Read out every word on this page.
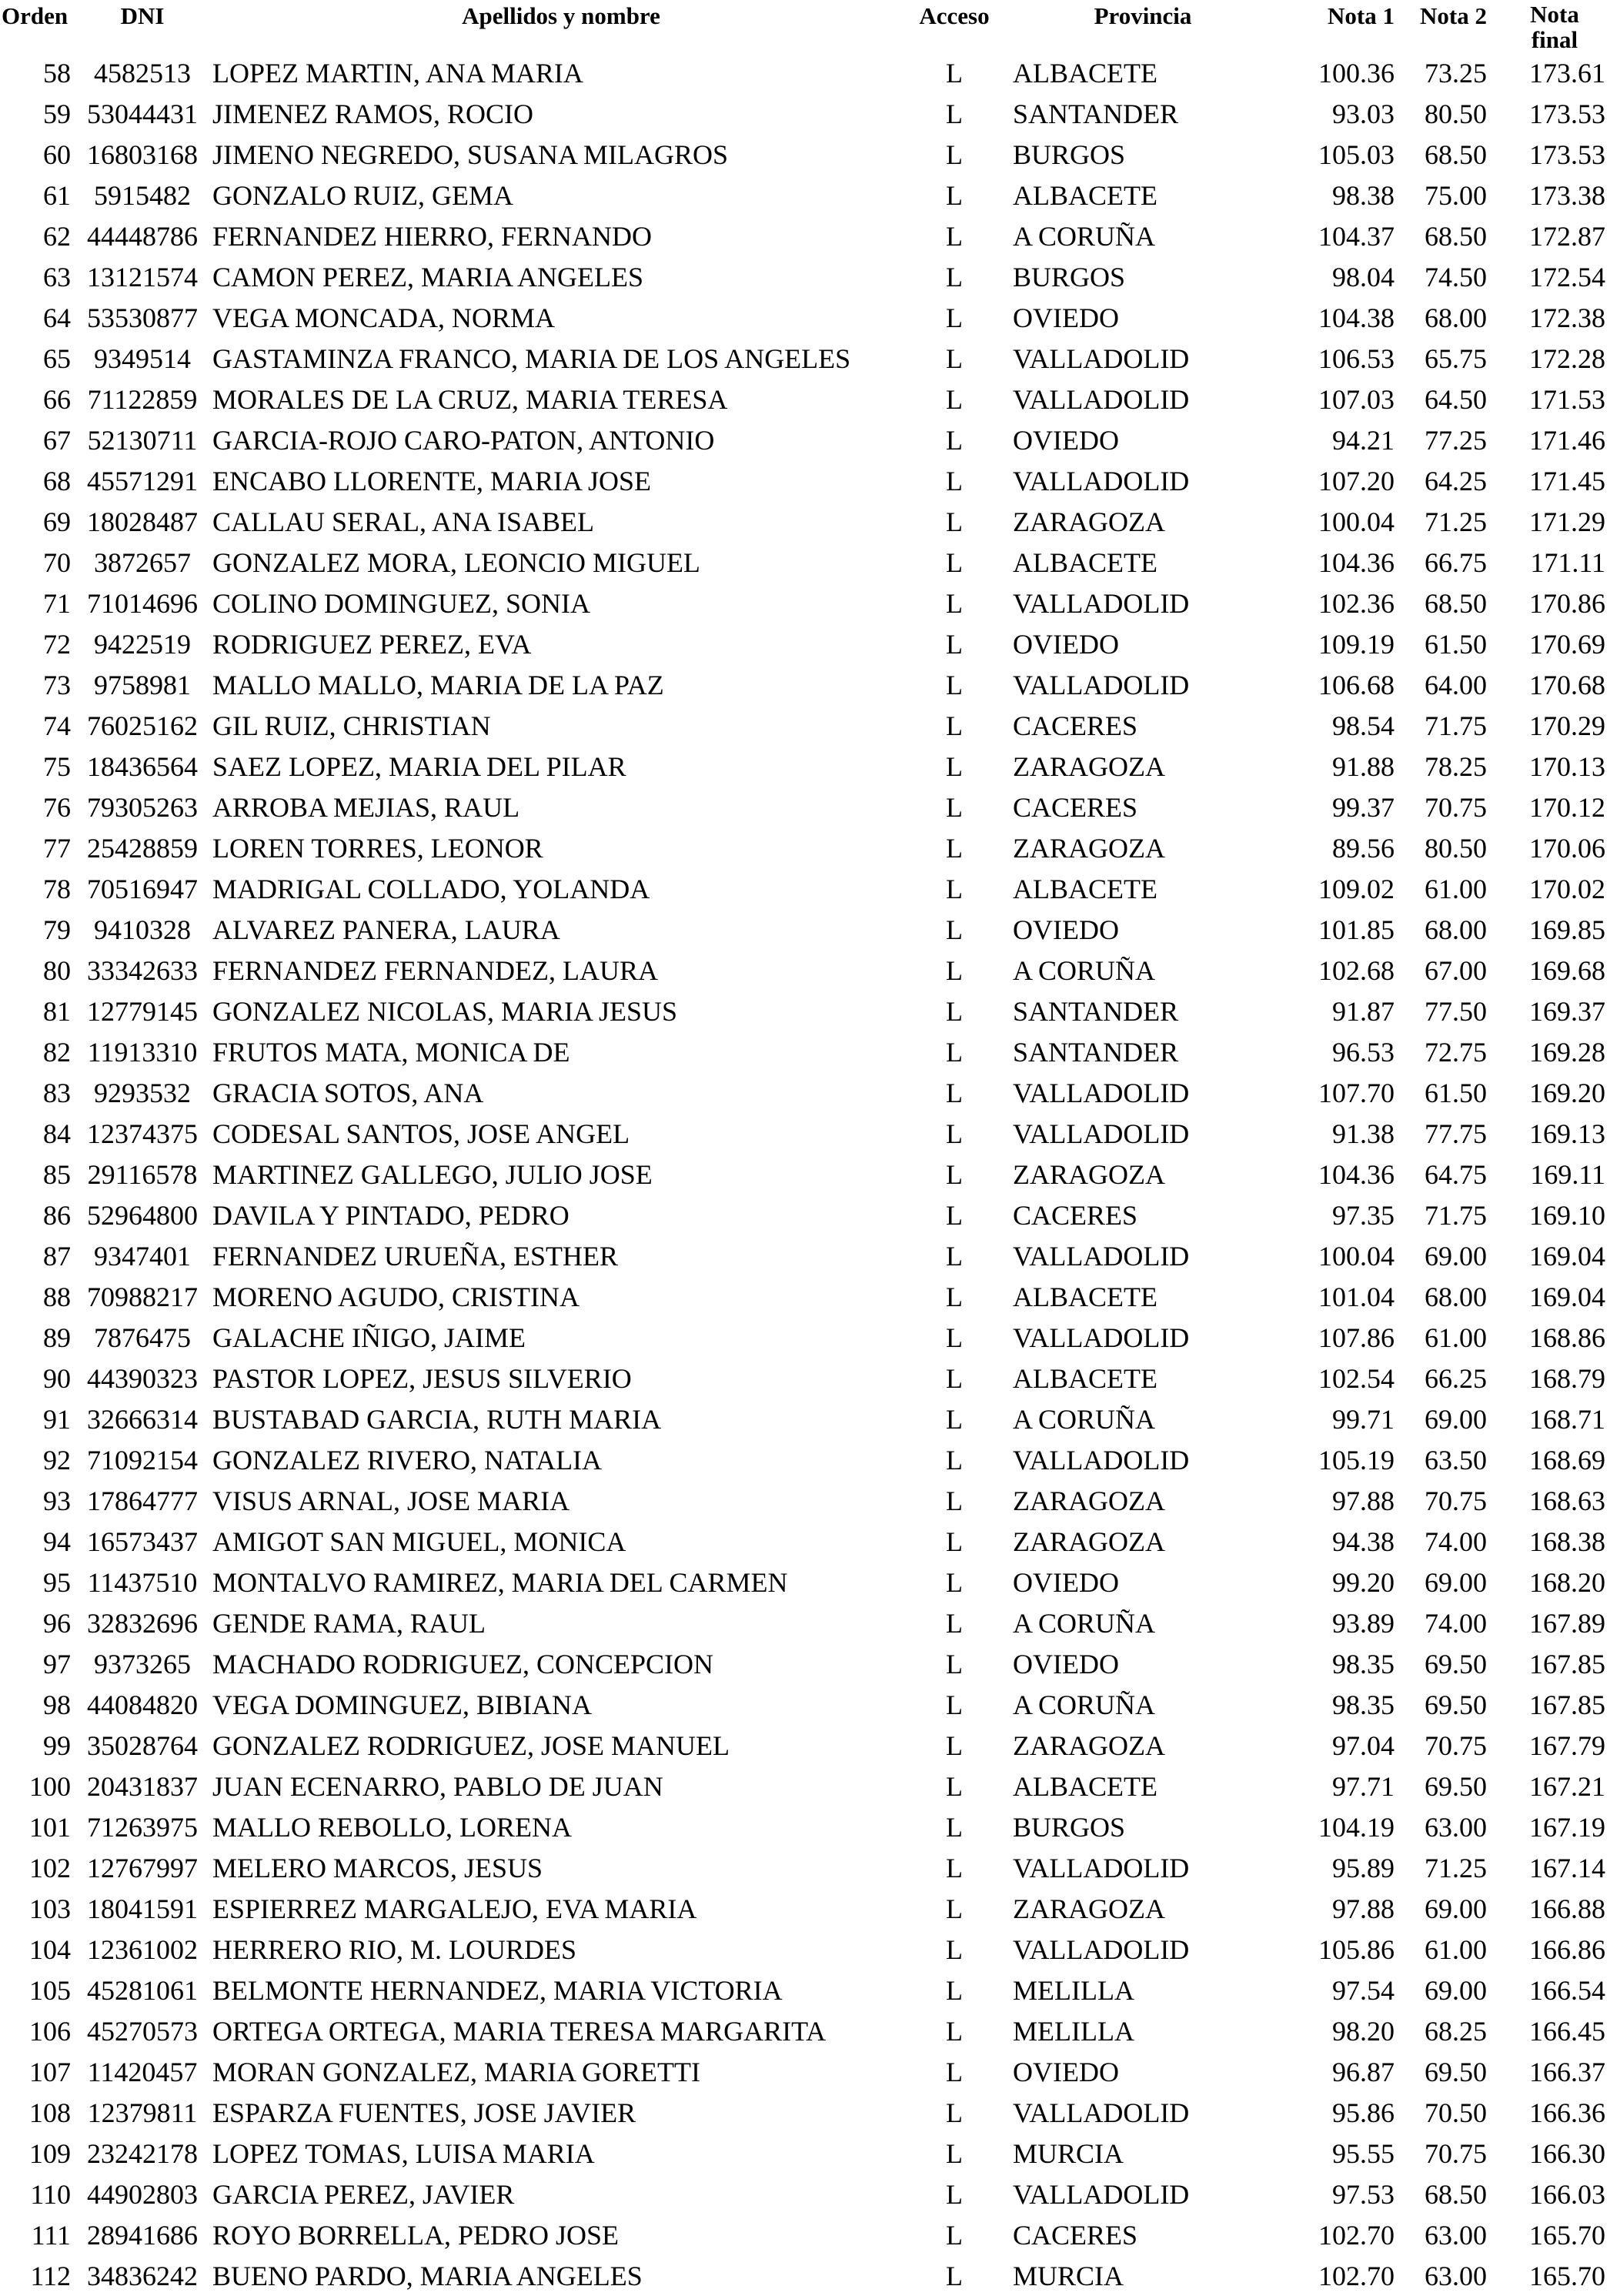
Orden	DNI	Apellidos y nombre	Acceso	Provincia	Nota 1	Nota 2	Nota final
58	4582513	LOPEZ MARTIN, ANA MARIA	L	ALBACETE	100.36	73.25	173.61
59	53044431	JIMENEZ RAMOS, ROCIO	L	SANTANDER	93.03	80.50	173.53
60	16803168	JIMENO NEGREDO, SUSANA MILAGROS	L	BURGOS	105.03	68.50	173.53
61	5915482	GONZALO RUIZ, GEMA	L	ALBACETE	98.38	75.00	173.38
62	44448786	FERNANDEZ HIERRO, FERNANDO	L	A CORUÑA	104.37	68.50	172.87
63	13121574	CAMON PEREZ, MARIA ANGELES	L	BURGOS	98.04	74.50	172.54
64	53530877	VEGA MONCADA, NORMA	L	OVIEDO	104.38	68.00	172.38
65	9349514	GASTAMINZA FRANCO, MARIA DE LOS ANGELES	L	VALLADOLID	106.53	65.75	172.28
66	71122859	MORALES DE LA CRUZ, MARIA TERESA	L	VALLADOLID	107.03	64.50	171.53
67	52130711	GARCIA-ROJO CARO-PATON, ANTONIO	L	OVIEDO	94.21	77.25	171.46
68	45571291	ENCABO LLORENTE, MARIA JOSE	L	VALLADOLID	107.20	64.25	171.45
69	18028487	CALLAU SERAL, ANA ISABEL	L	ZARAGOZA	100.04	71.25	171.29
70	3872657	GONZALEZ MORA, LEONCIO MIGUEL	L	ALBACETE	104.36	66.75	171.11
71	71014696	COLINO DOMINGUEZ, SONIA	L	VALLADOLID	102.36	68.50	170.86
72	9422519	RODRIGUEZ PEREZ, EVA	L	OVIEDO	109.19	61.50	170.69
73	9758981	MALLO MALLO, MARIA DE LA PAZ	L	VALLADOLID	106.68	64.00	170.68
74	76025162	GIL RUIZ, CHRISTIAN	L	CACERES	98.54	71.75	170.29
75	18436564	SAEZ LOPEZ, MARIA DEL PILAR	L	ZARAGOZA	91.88	78.25	170.13
76	79305263	ARROBA MEJIAS, RAUL	L	CACERES	99.37	70.75	170.12
77	25428859	LOREN TORRES, LEONOR	L	ZARAGOZA	89.56	80.50	170.06
78	70516947	MADRIGAL COLLADO, YOLANDA	L	ALBACETE	109.02	61.00	170.02
79	9410328	ALVAREZ PANERA, LAURA	L	OVIEDO	101.85	68.00	169.85
80	33342633	FERNANDEZ FERNANDEZ, LAURA	L	A CORUÑA	102.68	67.00	169.68
81	12779145	GONZALEZ NICOLAS, MARIA JESUS	L	SANTANDER	91.87	77.50	169.37
82	11913310	FRUTOS MATA, MONICA DE	L	SANTANDER	96.53	72.75	169.28
83	9293532	GRACIA SOTOS, ANA	L	VALLADOLID	107.70	61.50	169.20
84	12374375	CODESAL SANTOS, JOSE ANGEL	L	VALLADOLID	91.38	77.75	169.13
85	29116578	MARTINEZ GALLEGO, JULIO JOSE	L	ZARAGOZA	104.36	64.75	169.11
86	52964800	DAVILA Y PINTADO, PEDRO	L	CACERES	97.35	71.75	169.10
87	9347401	FERNANDEZ URUEÑA, ESTHER	L	VALLADOLID	100.04	69.00	169.04
88	70988217	MORENO AGUDO, CRISTINA	L	ALBACETE	101.04	68.00	169.04
89	7876475	GALACHE IÑIGO, JAIME	L	VALLADOLID	107.86	61.00	168.86
90	44390323	PASTOR LOPEZ, JESUS SILVERIO	L	ALBACETE	102.54	66.25	168.79
91	32666314	BUSTABAD GARCIA, RUTH MARIA	L	A CORUÑA	99.71	69.00	168.71
92	71092154	GONZALEZ RIVERO, NATALIA	L	VALLADOLID	105.19	63.50	168.69
93	17864777	VISUS ARNAL, JOSE MARIA	L	ZARAGOZA	97.88	70.75	168.63
94	16573437	AMIGOT SAN MIGUEL, MONICA	L	ZARAGOZA	94.38	74.00	168.38
95	11437510	MONTALVO RAMIREZ, MARIA DEL CARMEN	L	OVIEDO	99.20	69.00	168.20
96	32832696	GENDE RAMA, RAUL	L	A CORUÑA	93.89	74.00	167.89
97	9373265	MACHADO RODRIGUEZ, CONCEPCION	L	OVIEDO	98.35	69.50	167.85
98	44084820	VEGA DOMINGUEZ, BIBIANA	L	A CORUÑA	98.35	69.50	167.85
99	35028764	GONZALEZ RODRIGUEZ, JOSE MANUEL	L	ZARAGOZA	97.04	70.75	167.79
100	20431837	JUAN ECENARRO, PABLO DE JUAN	L	ALBACETE	97.71	69.50	167.21
101	71263975	MALLO REBOLLO, LORENA	L	BURGOS	104.19	63.00	167.19
102	12767997	MELERO MARCOS, JESUS	L	VALLADOLID	95.89	71.25	167.14
103	18041591	ESPIERREZ MARGALEJO, EVA MARIA	L	ZARAGOZA	97.88	69.00	166.88
104	12361002	HERRERO RIO, M. LOURDES	L	VALLADOLID	105.86	61.00	166.86
105	45281061	BELMONTE HERNANDEZ, MARIA VICTORIA	L	MELILLA	97.54	69.00	166.54
106	45270573	ORTEGA ORTEGA, MARIA TERESA MARGARITA	L	MELILLA	98.20	68.25	166.45
107	11420457	MORAN GONZALEZ, MARIA GORETTI	L	OVIEDO	96.87	69.50	166.37
108	12379811	ESPARZA FUENTES, JOSE JAVIER	L	VALLADOLID	95.86	70.50	166.36
109	23242178	LOPEZ TOMAS, LUISA MARIA	L	MURCIA	95.55	70.75	166.30
110	44902803	GARCIA PEREZ, JAVIER	L	VALLADOLID	97.53	68.50	166.03
111	28941686	ROYO BORRELLA, PEDRO JOSE	L	CACERES	102.70	63.00	165.70
112	34836242	BUENO PARDO, MARIA ANGELES	L	MURCIA	102.70	63.00	165.70
